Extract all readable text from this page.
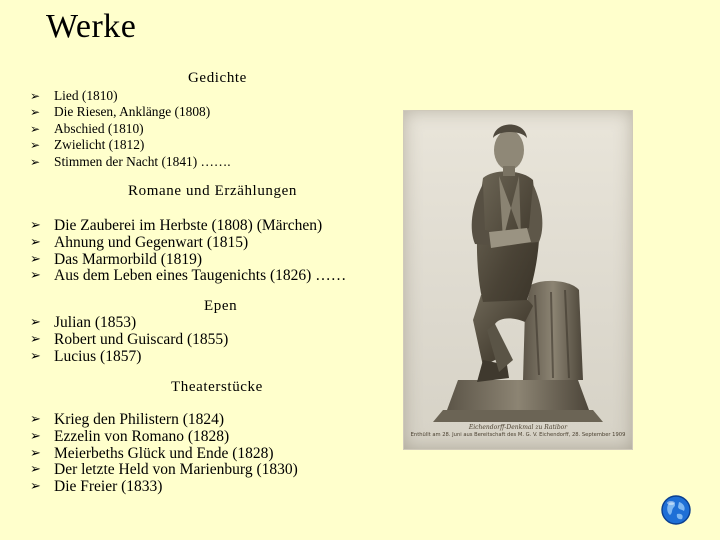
Werke
Gedichte
➢ Lied (1810)
➢ Die Riesen, Anklänge (1808)
➢ Abschied (1810)
➢ Zwielicht (1812)
➢ Stimmen der Nacht (1841) …….
Romane und Erzählungen
➢ Die Zauberei im Herbste (1808) (Märchen)
➢ Ahnung und Gegenwart (1815)
➢ Das Marmorbild (1819)
➢ Aus dem Leben eines Taugenichts (1826) ……
Epen
➢ Julian (1853)
➢ Robert und Guiscard (1855)
➢ Lucius (1857)
Theaterstücke
➢ Krieg den Philistern (1824)
➢ Ezzelin von Romano (1828)
➢ Meierbeths Glück und Ende (1828)
➢ Der letzte Held von Marienburg (1830)
➢ Die Freier (1833)
Eichendorff-Denkmal zu Ratibor
Enthüllt am 28. Juni aus Bereitschaft des M. G. V. Eichendorff, 28. September 1909
